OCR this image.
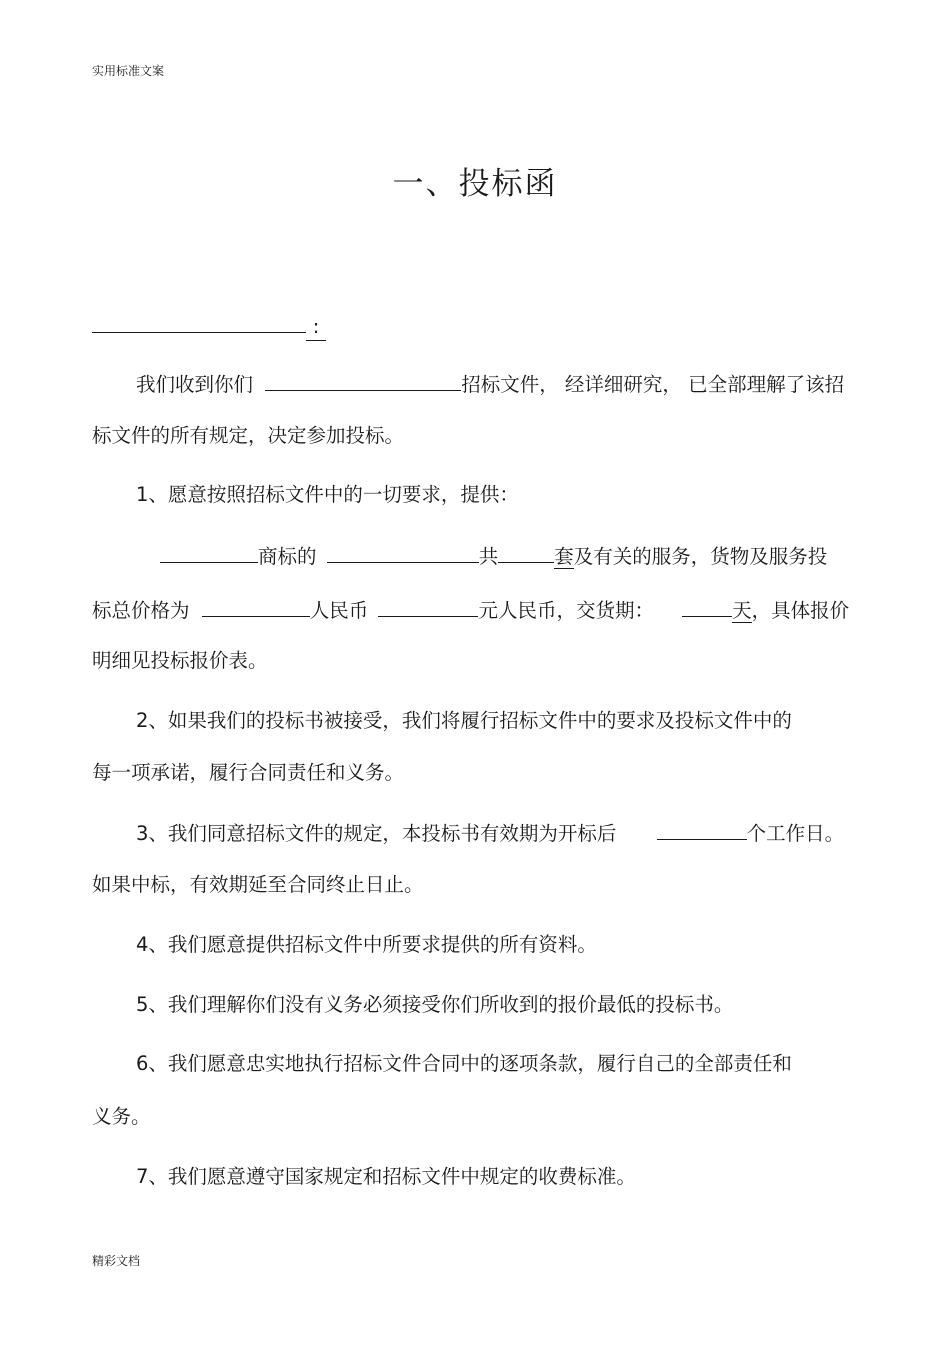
实用标准文案
一、投标函
:
我们收到你们	招标文件， 经详细研究， 已全部理解了该招
标文件的所有规定，决定参加投标。
1、愿意按照招标文件中的一切要求，提供：
商标的	共	套及有关的服务，货物及服务投
标总价格为	人民币	元人民币，交货期：	天，具体报价
明细见投标报价表。
2、如果我们的投标书被接受，我们将履行招标文件中的要求及投标文件中的
每一项承诺，履行合同责任和义务。
3、我们同意招标文件的规定，本投标书有效期为开标后	个工作日。
如果中标，有效期延至合同终止日止。
4、我们愿意提供招标文件中所要求提供的所有资料。
5、我们理解你们没有义务必须接受你们所收到的报价最低的投标书。
6、我们愿意忠实地执行招标文件合同中的逐项条款，履行自己的全部责任和
义务。
7、我们愿意遵守国家规定和招标文件中规定的收费标准。
精彩文档
